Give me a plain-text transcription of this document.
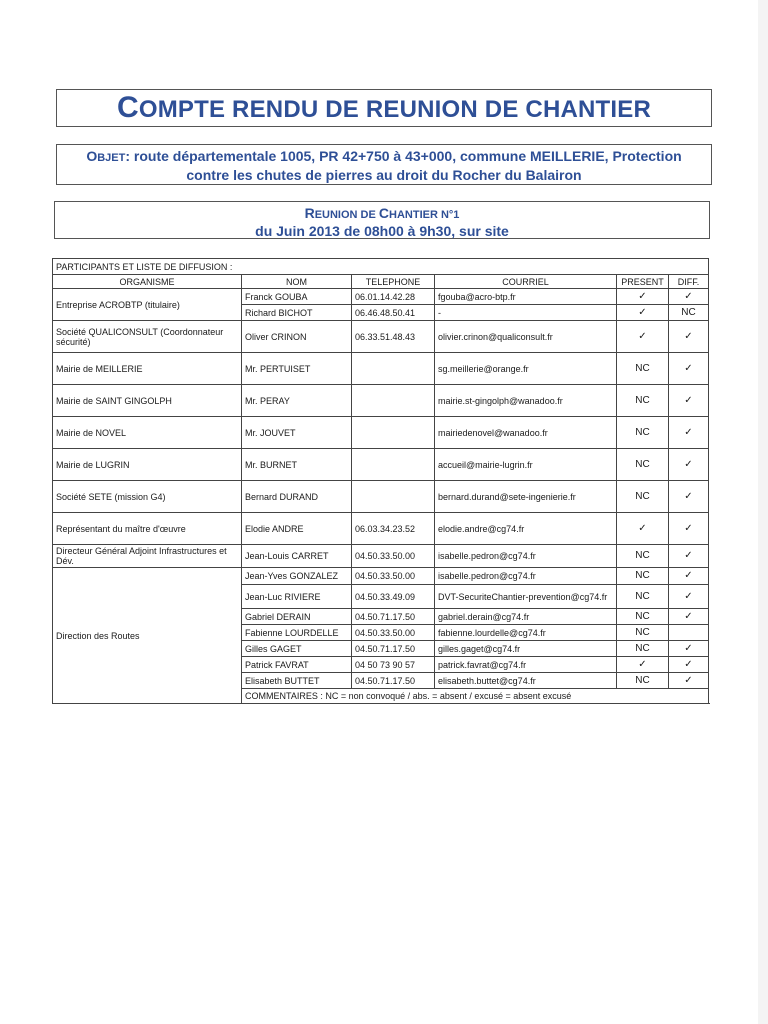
COMPTE RENDU DE REUNION DE CHANTIER
OBJET: route départementale 1005, PR 42+750 à 43+000, commune MEILLERIE, Protection
contre les chutes de pierres au droit du Rocher du Balairon
REUNION DE CHANTIER N°1
du Juin 2013 de 08h00 à 9h30, sur site
PARTICIPANTS ET LISTE DE DIFFUSION :					
ORGANISME	NOM	TELEPHONE	COURRIEL	PRESENT	DIFF.
Entreprise ACROBTP (titulaire)	Franck GOUBA	06.01.14.42.28	fgouba@acro-btp.fr	✓	✓
	Richard BICHOT	06.46.48.50.41	-	✓	NC
Société QUALICONSULT (Coordonnateur sécurité)	Oliver CRINON	06.33.51.48.43	olivier.crinon@qualiconsult.fr	✓	✓
Mairie de MEILLERIE	Mr. PERTUISET		sg.meillerie@orange.fr	NC	✓
Mairie de SAINT GINGOLPH	Mr. PERAY		mairie.st-gingolph@wanadoo.fr	NC	✓
Mairie de NOVEL	Mr. JOUVET		mairiedenovel@wanadoo.fr	NC	✓
Mairie de LUGRIN	Mr. BURNET		accueil@mairie-lugrin.fr	NC	✓
Société SETE (mission G4)	Bernard DURAND		bernard.durand@sete-ingenierie.fr	NC	✓
Représentant du maître d'œuvre	Elodie ANDRE	06.03.34.23.52	elodie.andre@cg74.fr	✓	✓
Directeur Général Adjoint Infrastructures et Dév.	Jean-Louis CARRET	04.50.33.50.00	isabelle.pedron@cg74.fr	NC	✓
Direction des Routes	Jean-Yves GONZALEZ	04.50.33.50.00	isabelle.pedron@cg74.fr	NC	✓
	Jean-Luc RIVIERE	04.50.33.49.09	DVT-SecuriteChantier-prevention@cg74.fr	NC	✓
	Gabriel DERAIN	04.50.71.17.50	gabriel.derain@cg74.fr	NC	✓
	Fabienne LOURDELLE	04.50.33.50.00	fabienne.lourdelle@cg74.fr	NC	
	Gilles GAGET	04.50.71.17.50	gilles.gaget@cg74.fr	NC	✓
	Patrick FAVRAT	04 50 73 90 57	patrick.favrat@cg74.fr	✓	✓
	Elisabeth BUTTET	04.50.71.17.50	elisabeth.buttet@cg74.fr	NC	✓
	COMMENTAIRES : NC = non convoqué / abs. = absent / excusé = absent excusé				
